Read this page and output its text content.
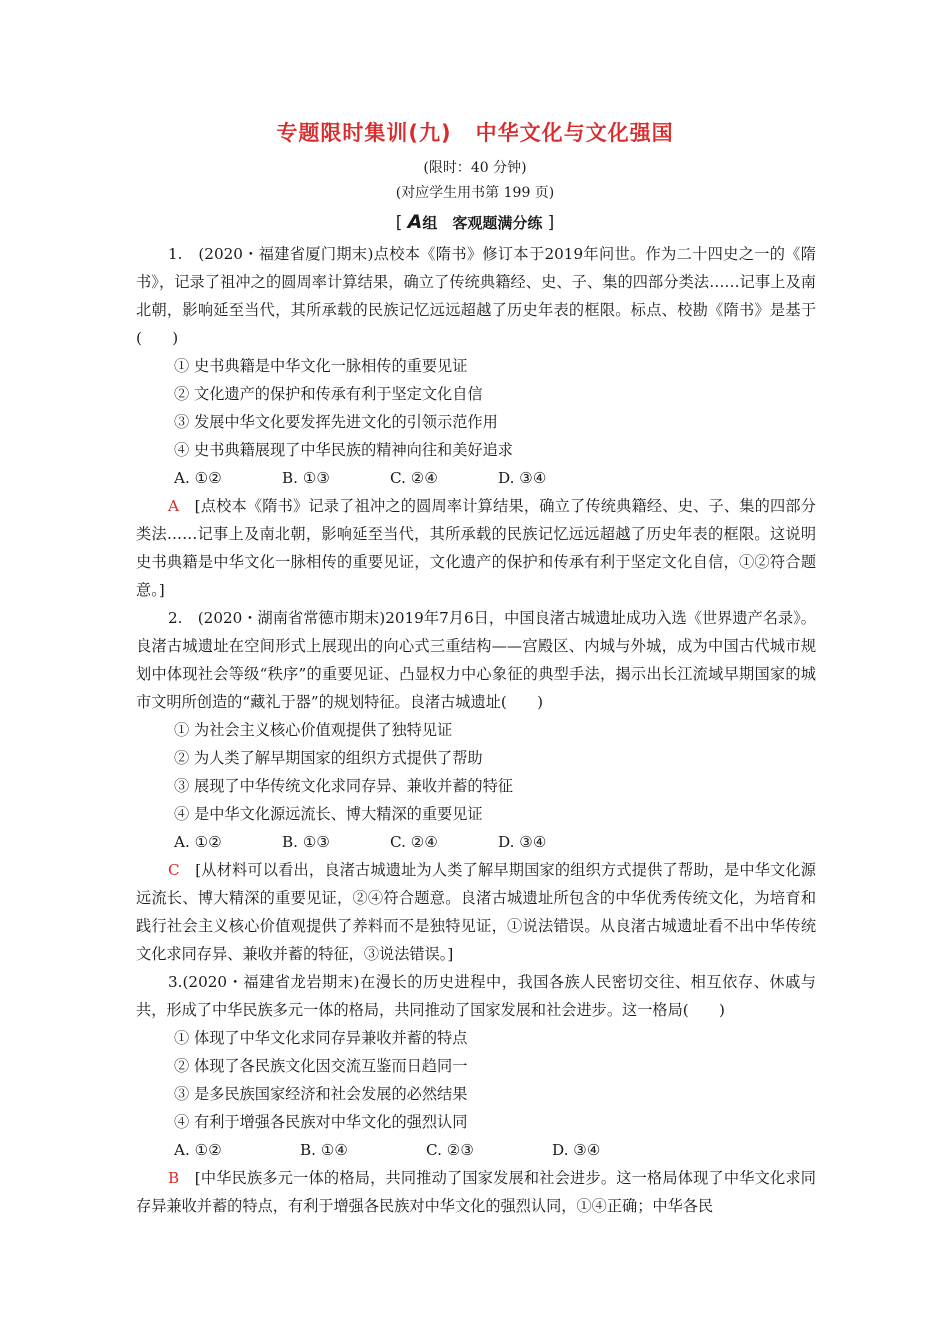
专题限时集训(九) 中华文化与文化强国
(限时：40 分钟)
(对应学生用书第 199 页)
[ A组　客观题满分练 ]

1.　(2020・福建省厦门期末)点校本《隋书》修订本于2019年问世。作为二十四史之一的《隋书》，记录了祖冲之的圆周率计算结果，确立了传统典籍经、史、子、集的四部分类法……记事上及南北朝，影响延至当代，其所承载的民族记忆远远超越了历史年表的框限。标点、校勘《隋书》是基于(　　)

① 史书典籍是中华文化一脉相传的重要见证

② 文化遗产的保护和传承有利于坚定文化自信

③ 发展中华文化要发挥先进文化的引领示范作用

④ 史书典籍展现了中华民族的精神向往和美好追求

A. ①②	B. ①③	C. ②④	D. ③④

A　 [点校本《隋书》记录了祖冲之的圆周率计算结果，确立了传统典籍经、史、子、集的四部分类法……记事上及南北朝，影响延至当代，其所承载的民族记忆远远超越了历史年表的框限。这说明史书典籍是中华文化一脉相传的重要见证，文化遗产的保护和传承有利于坚定文化自信，①②符合题意。]

2.　(2020・湖南省常德市期末)2019年7月6日，中国良渚古城遗址成功入选《世界遗产名录》。良渚古城遗址在空间形式上展现出的向心式三重结构——宫殿区、内城与外城，成为中国古代城市规划中体现社会等级“秩序”的重要见证、凸显权力中心象征的典型手法，揭示出长江流域早期国家的城市文明所创造的“藏礼于器”的规划特征。良渚古城遗址(　　)

① 为社会主义核心价值观提供了独特见证

② 为人类了解早期国家的组织方式提供了帮助

③ 展现了中华传统文化求同存异、兼收并蓄的特征

④ 是中华文化源远流长、博大精深的重要见证

A. ①②	B. ①③	C. ②④	D. ③④

C　 [从材料可以看出，良渚古城遗址为人类了解早期国家的组织方式提供了帮助，是中华文化源远流长、博大精深的重要见证，②④符合题意。良渚古城遗址所包含的中华优秀传统文化，为培育和践行社会主义核心价值观提供了养料而不是独特见证，①说法错误。从良渚古城遗址看不出中华传统文化求同存异、兼收并蓄的特征，③说法错误。]

3.(2020・福建省龙岩期末)在漫长的历史进程中，我国各族人民密切交往、相互依存、休戚与共，形成了中华民族多元一体的格局，共同推动了国家发展和社会进步。这一格局(　　)

① 体现了中华文化求同存异兼收并蓄的特点

② 体现了各民族文化因交流互鉴而日趋同一

③ 是多民族国家经济和社会发展的必然结果

④ 有利于增强各民族对中华文化的强烈认同

A. ①②	B. ①④	C. ②③	D. ③④

B　 [中华民族多元一体的格局，共同推动了国家发展和社会进步。这一格局体现了中华文化求同存异兼收并蓄的特点，有利于增强各民族对中华文化的强烈认同，①④正确；中华各民
